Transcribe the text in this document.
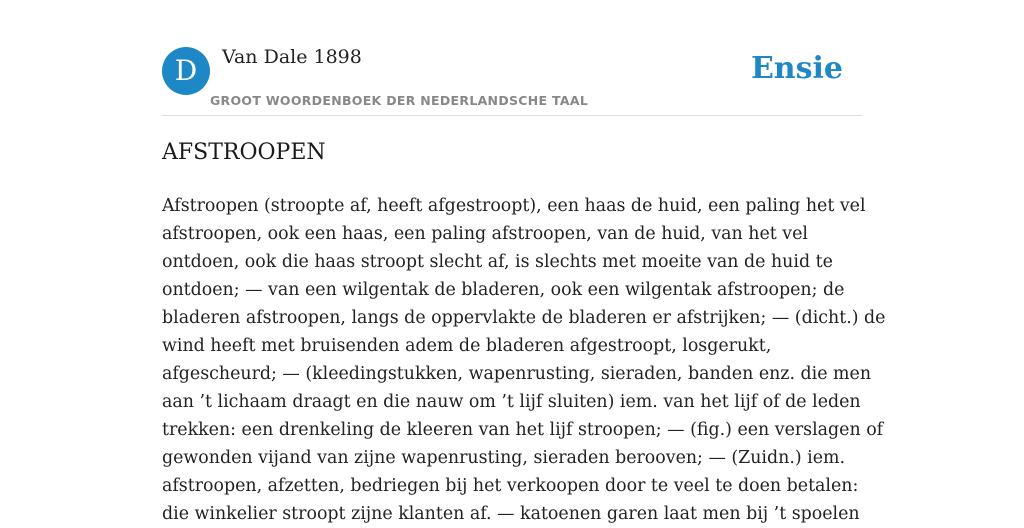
D	Van Dale 1898
GROOT WOORDENBOEK DER NEDERLANDSCHE TAAL
Ensie
AFSTROOPEN

Afstroopen (stroopte af, heeft afgestroopt), een haas de huid, een paling het vel
afstroopen, ook een haas, een paling afstroopen, van de huid, van het vel
ontdoen, ook die haas stroopt slecht af, is slechts met moeite van de huid te
ontdoen; — van een wilgentak de bladeren, ook een wilgentak afstroopen; de
bladeren afstroopen, langs de oppervlakte de bladeren er afstrijken; — (dicht.) de
wind heeft met bruisenden adem de bladeren afgestroopt, losgerukt,
afgescheurd; — (kleedingstukken, wapenrusting, sieraden, banden enz. die men
aan ’t lichaam draagt en die nauw om ’t lijf sluiten) iem. van het lijf of de leden
trekken: een drenkeling de kleeren van het lijf stroopen; — (fig.) een verslagen of
gewonden vijand van zijne wapenrusting, sieraden berooven; — (Zuidn.) iem.
afstroopen, afzetten, bedriegen bij het verkoopen door te veel te doen betalen:
die winkelier stroopt zijne klanten af. — katoenen garen laat men bij ’t spoelen
